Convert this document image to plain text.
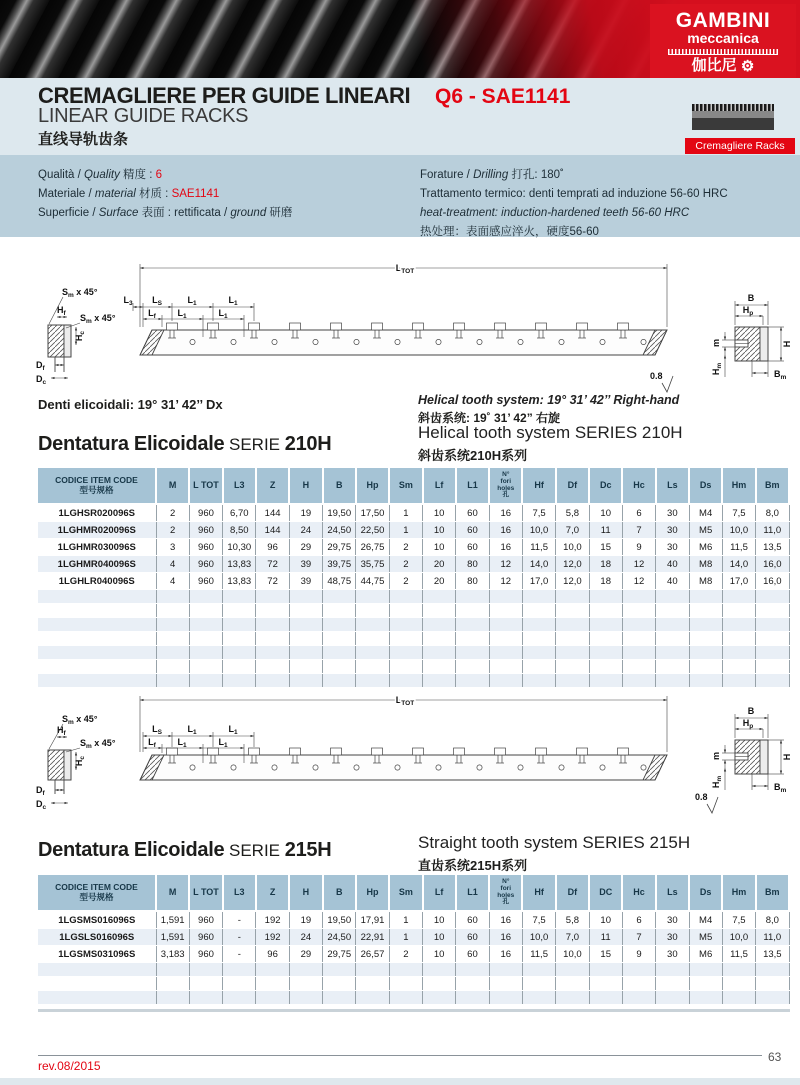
GAMBINI
meccanica
伽比尼 ⚙
CREMAGLIERE PER GUIDE LINEARI
LINEAR GUIDE RACKS
直线导轨齿条
Q6 - SAE1141
Cremagliere Racks
Qualità / Quality 精度 : 6
Materiale / material 材质 : SAE1141
Superficie / Surface 表面 : rettificata / ground 研磨
Forature / Drilling 打孔: 180˚
Trattamento termico: denti temprati ad induzione 56-60 HRC
heat-treatment: induction-hardened teeth 56-60 HRC
热处理：表面感应淬火，硬度56-60
$S_m$ x 45°
$H_f$ $S_m$ x 45°
$H_c$
$D_f$
$D_c$
$L_{TOT}$
$L_3$ $L_S$	$L_1$	$L_1$
$L_f$ $L_1$	$L_1$
B
$H_p$
m	H
$H_m$
$B_m$
0.8
Denti elicoidali: 19° 31’ 42’’ Dx	Helical tooth system: 19° 31’ 42’’ Right-hand
斜齿系统: 19˚ 31’ 42” 右旋
Dentatura Elicoidale SERIE 210H
Helical tooth system SERIES 210H
斜齿系统210H系列
CODICE ITEM CODE
型号规格	M	L TOT	L3	Z	H	B	Hp	Sm	Lf	L1

N°
fori
holes
孔

Hf	Df	Dc	Hc	Ls	Ds	Hm	Bm

1LGHSR020096S	2	960	6,70	144	19	19,50	17,50	1	10	60	16	7,5	5,8	10	6	30	M4	7,5	8,0
1LGHMR020096S	2	960	8,50	144	24	24,50	22,50	1	10	60	16	10,0	7,0	11	7	30	M5	10,0	11,0
1LGHMR030096S	3	960	10,30	96	29	29,75	26,75	2	10	60	16	11,5	10,0	15	9	30	M6	11,5	13,5
1LGHMR040096S	4	960	13,83	72	39	39,75	35,75	2	20	80	12	14,0	12,0	18	12	40	M8	14,0	16,0
1LGHLR040096S	4	960	13,83	72	39	48,75	44,75	2	20	80	12	17,0	12,0	18	12	40	M8	17,0	16,0

$S_m$ x 45°
$H_f$
$S_m$ x 45°
$H_c$
$D_f$
$D_c$
$L_{TOT}$
$L_S$	$L_1$	$L_1$
$L_f$ $L_1$	$L_1$
B
$H_p$
m	H
$H_m$
$B_m$
0.8
Dentatura Elicoidale SERIE 215H	Straight tooth system SERIES 215H
直齿系统215H系列
CODICE ITEM CODE
型号规格	M	L TOT	L3	Z	H	B	Hp	Sm	Lf	L1

N°
fori
holes
孔

Hf	Df	DC	Hc	Ls	Ds	Hm	Bm

1LGSMS016096S	1,591	960	-	192	19	19,50	17,91	1	10	60	16	7,5	5,8	10	6	30	M4	7,5	8,0
1LGSLS016096S	1,591	960	-	192	24	24,50	22,91	1	10	60	16	10,0	7,0	11	7	30	M5	10,0	11,0
1LGSMS031096S	3,183	960	-	96	29	29,75	26,57	2	10	60	16	11,5	10,0	15	9	30	M6	11,5	13,5

rev.08/2015
63
